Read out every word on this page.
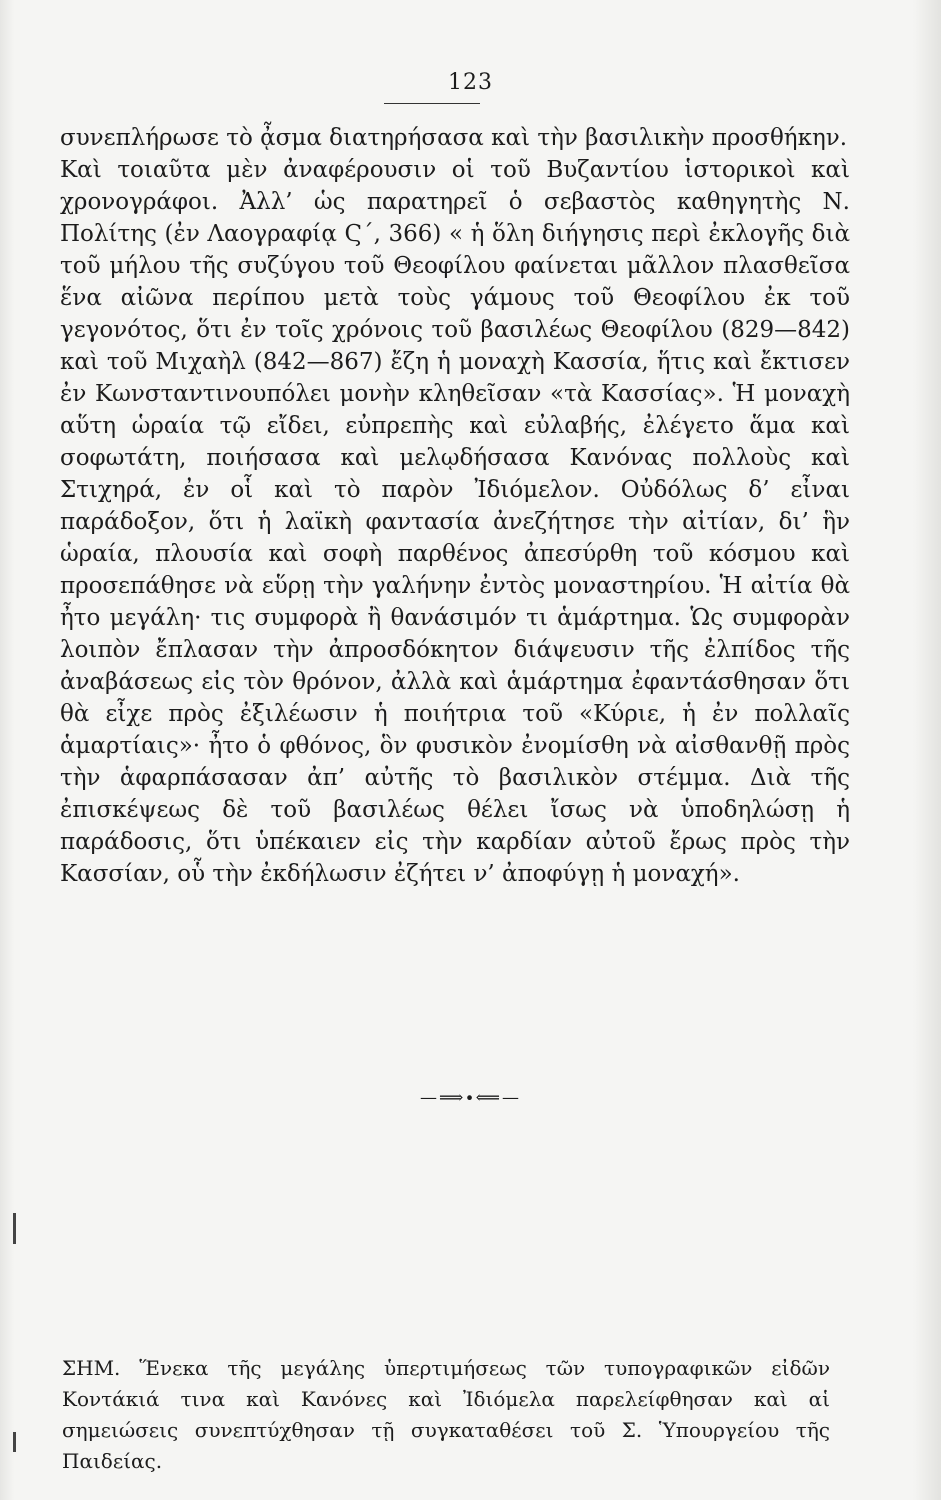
123
συνεπλήρωσε τὸ ᾆσμα διατηρήσασα καὶ τὴν βασιλικὴν προσθήκην.
Καὶ τοιαῦτα μὲν ἀναφέρουσιν οἱ τοῦ Βυζαντίου ἱστορικοὶ καὶ χρονογράφοι. Ἀλλ’ ὡς παρατηρεῖ ὁ σεβαστὸς καθηγητὴς Ν. Πολίτης (ἐν Λαογραφίᾳ Ϛ΄, 366) « ἡ ὅλη διήγησις περὶ ἐκλογῆς διὰ τοῦ μήλου τῆς συζύγου τοῦ Θεοφίλου φαίνεται μᾶλλον πλασθεῖσα ἕνα αἰῶνα περίπου μετὰ τοὺς γάμους τοῦ Θεοφίλου ἐκ τοῦ γεγονότος, ὅτι ἐν τοῖς χρόνοις τοῦ βασιλέως Θεοφίλου (829—842) καὶ τοῦ Μιχαὴλ (842—867) ἔζη ἡ μοναχὴ Κασσία, ἥτις καὶ ἔκτισεν ἐν Κωνσταντινουπόλει μονὴν κληθεῖσαν «τὰ Κασσίας». Ἡ μοναχὴ αὕτη ὡραία τῷ εἴδει, εὐπρεπὴς καὶ εὐλαβής, ἐλέγετο ἅμα καὶ σοφωτάτη, ποιήσασα καὶ μελῳδήσασα Κανόνας πολλοὺς καὶ Στιχηρά, ἐν οἷ καὶ τὸ παρὸν Ἰδιόμελον. Οὐδόλως δ’ εἶναι παράδοξον, ὅτι ἡ λαϊκὴ φαντασία ἀνεζήτησε τὴν αἰτίαν, δι’ ἣν ὡραία, πλουσία καὶ σοφὴ παρθένος ἀπεσύρθη τοῦ κόσμου καὶ προσεπάθησε νὰ εὕρῃ τὴν γαλήνην ἐντὸς μοναστηρίου. Ἡ αἰτία θὰ ἦτο μεγάλη· τις συμφορὰ ἢ θανάσιμόν τι ἁμάρτημα. Ὡς συμφορὰν λοιπὸν ἔπλασαν τὴν ἀπροσδόκητον διάψευσιν τῆς ἐλπίδος τῆς ἀναβάσεως εἰς τὸν θρόνον, ἀλλὰ καὶ ἁμάρτημα ἐφαντάσθησαν ὅτι θὰ εἶχε πρὸς ἐξιλέωσιν ἡ ποιήτρια τοῦ «Κύριε, ἡ ἐν πολλαῖς ἁμαρτίαις»· ἦτο ὁ φθόνος, ὃν φυσικὸν ἐνομίσθη νὰ αἰσθανθῇ πρὸς τὴν ἁφαρπάσασαν ἀπ’ αὐτῆς τὸ βασιλικὸν στέμμα. Διὰ τῆς ἐπισκέψεως δὲ τοῦ βασιλέως θέλει ἴσως νὰ ὑποδηλώσῃ ἡ παράδοσις, ὅτι ὑπέκαιεν εἰς τὴν καρδίαν αὐτοῦ ἔρως πρὸς τὴν Κασσίαν, οὗ τὴν ἐκδήλωσιν ἐζήτει ν’ ἀποφύγῃ ἡ μοναχή».
—⟹∙⟸—
ΣΗΜ. Ἕνεκα τῆς μεγάλης ὑπερτιμήσεως τῶν τυπογραφικῶν εἰδῶν Κοντάκιά τινα καὶ Κανόνες καὶ Ἰδιόμελα παρελείφθησαν καὶ αἱ σημειώσεις συνεπτύχθησαν τῇ συγκαταθέσει τοῦ Σ. Ὑπουργείου τῆς Παιδείας.
